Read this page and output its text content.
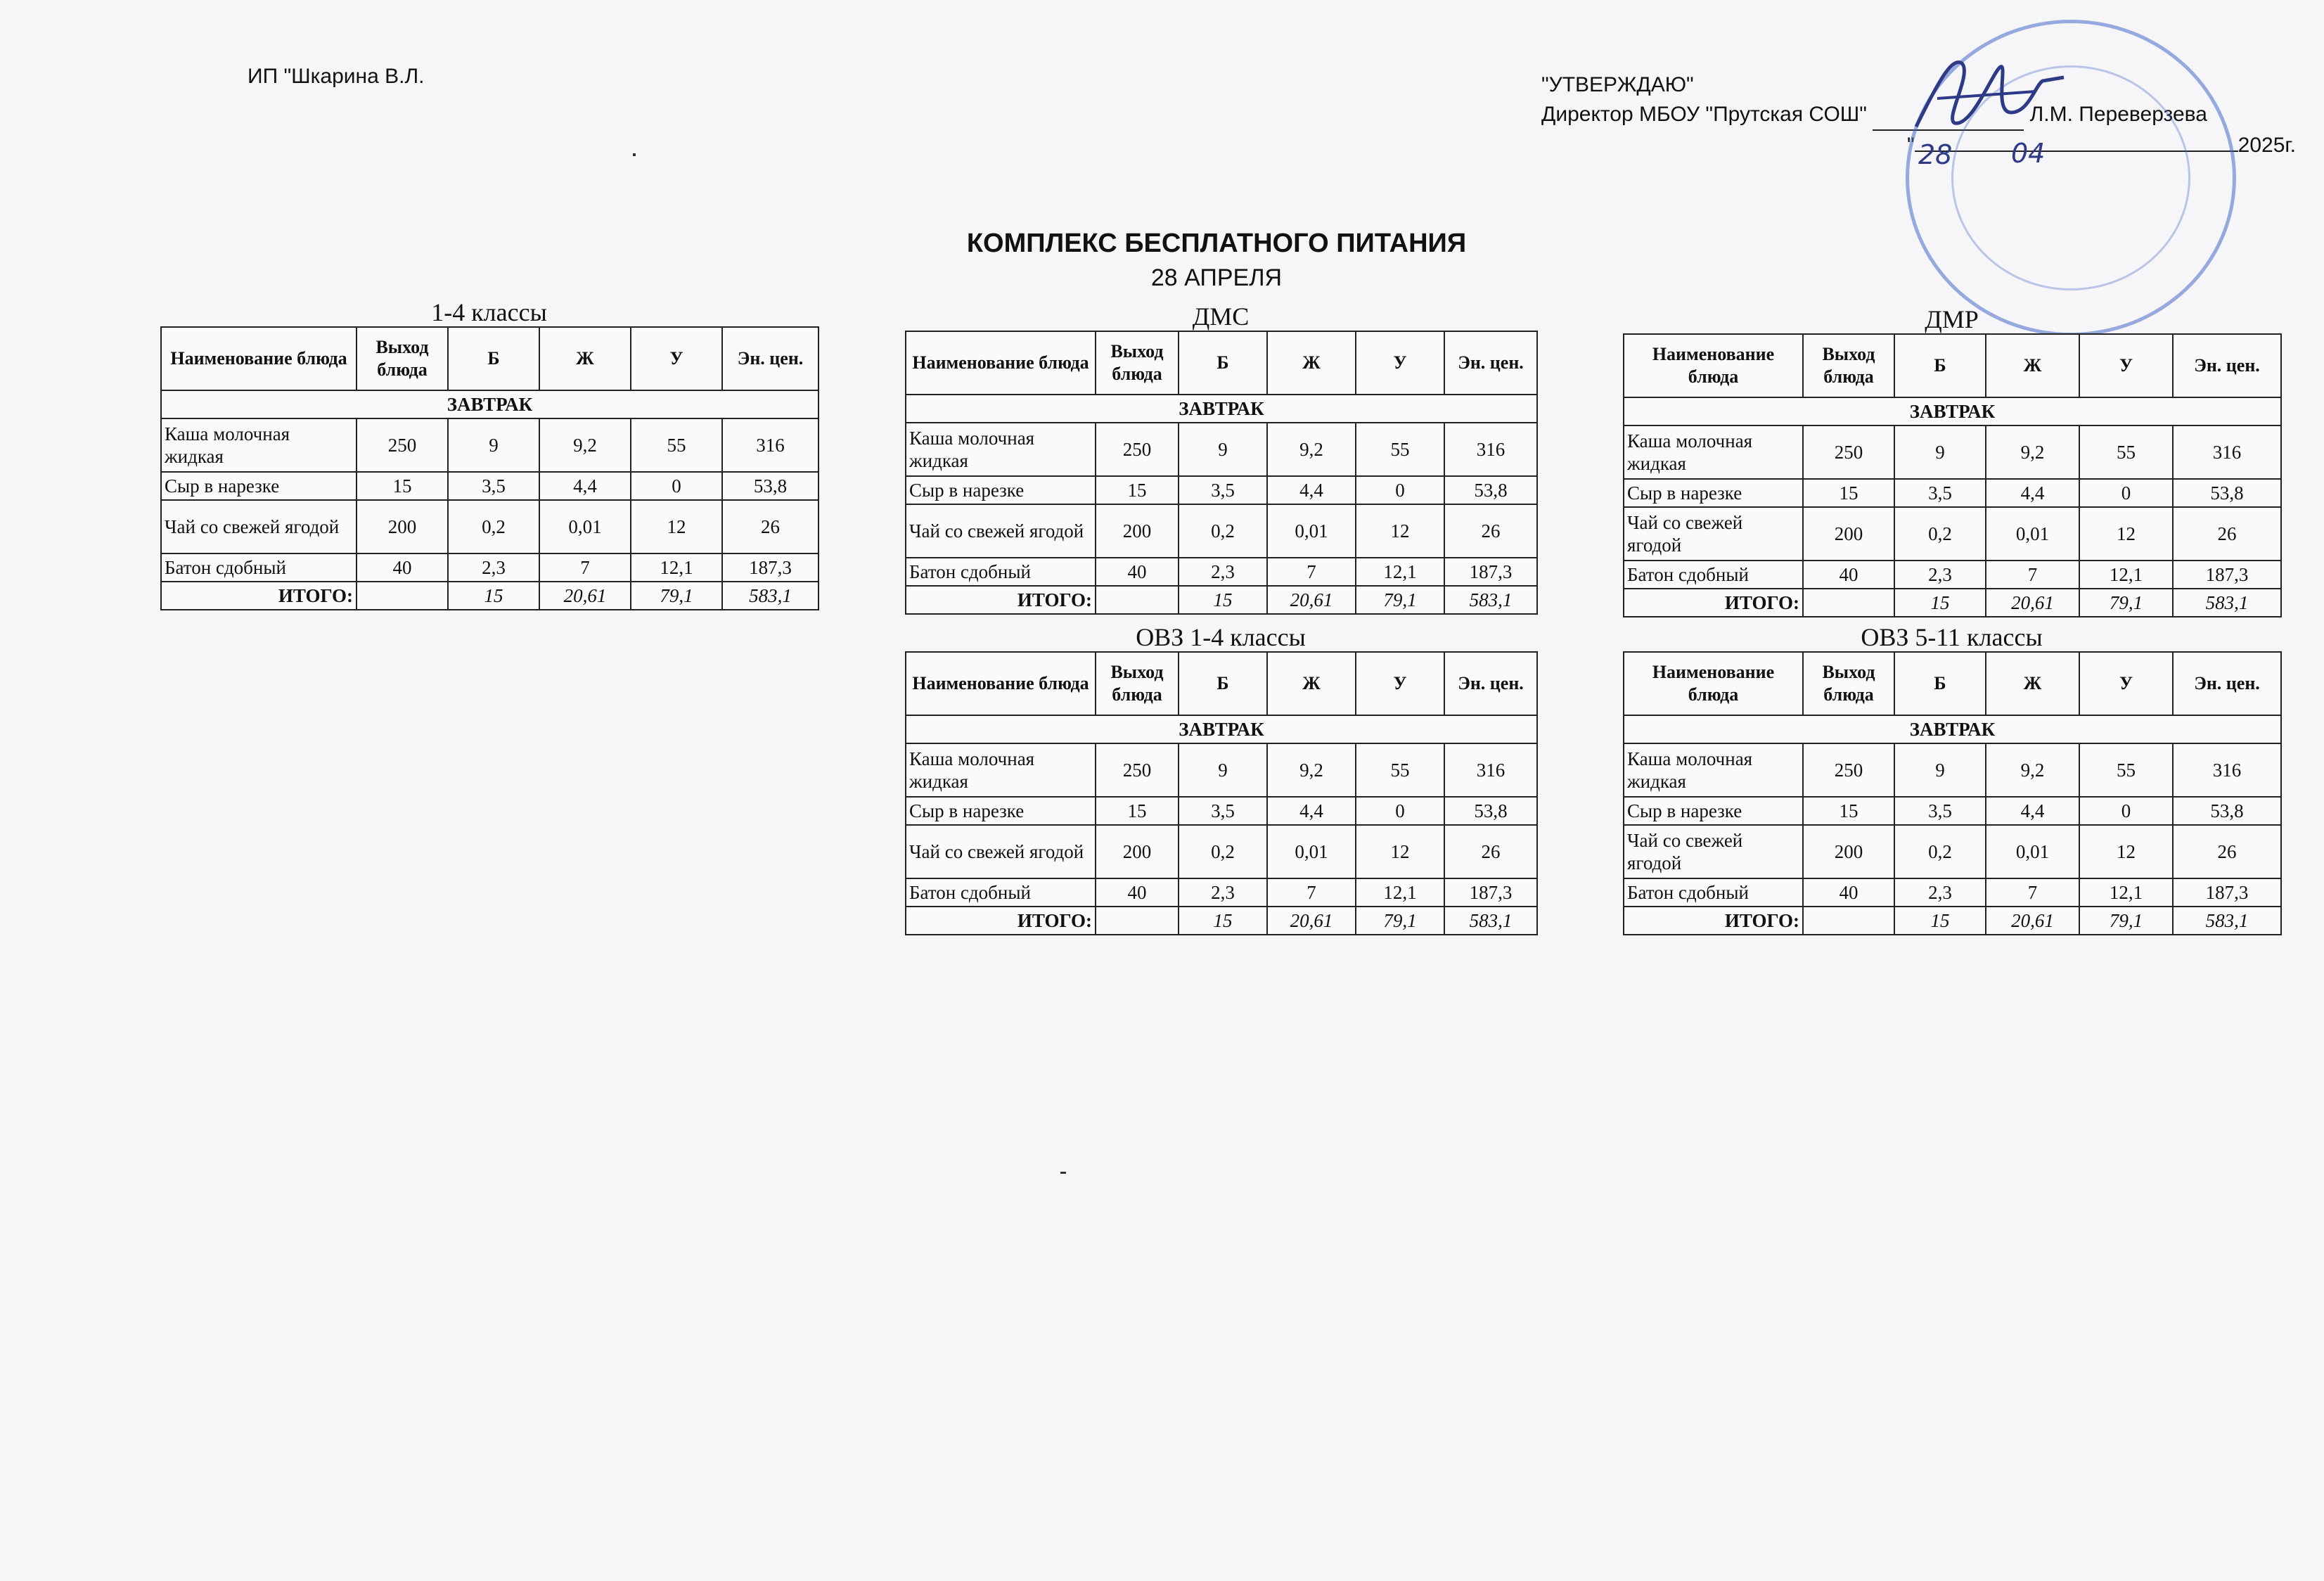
ИП "Шкарина В.Л.	"УТВЕРЖДАЮ"
Директор МБОУ "Прутская СОШ"	Л.М. Переверзева
"	2025г.
28 04
КОМПЛЕКС БЕСПЛАТНОГО ПИТАНИЯ
28 АПРЕЛЯ
1-4 классы
Наименование блюда	Выход блюда	Б	Ж	У	Эн. цен.
ЗАВТРАК					
Каша молочная жидкая	250	9	9,2	55	316
Сыр в нарезке	15	3,5	4,4	0	53,8
Чай со свежей ягодой	200	0,2	0,01	12	26
Батон сдобный	40	2,3	7	12,1	187,3
ИТОГО:		15	20,61	79,1	583,1
ДМС
Наименование блюда	Выход блюда	Б	Ж	У	Эн. цен.
ЗАВТРАК					
Каша молочная жидкая	250	9	9,2	55	316
Сыр в нарезке	15	3,5	4,4	0	53,8
Чай со свежей ягодой	200	0,2	0,01	12	26
Батон сдобный	40	2,3	7	12,1	187,3
ИТОГО:		15	20,61	79,1	583,1
ДМР
Наименование блюда	Выход блюда	Б	Ж	У	Эн. цен.
ЗАВТРАК					
Каша молочная жидкая	250	9	9,2	55	316
Сыр в нарезке	15	3,5	4,4	0	53,8
Чай со свежей ягодой	200	0,2	0,01	12	26
Батон сдобный	40	2,3	7	12,1	187,3
ИТОГО:		15	20,61	79,1	583,1
ОВЗ 1-4 классы
Наименование блюда	Выход блюда	Б	Ж	У	Эн. цен.
ЗАВТРАК					
Каша молочная жидкая	250	9	9,2	55	316
Сыр в нарезке	15	3,5	4,4	0	53,8
Чай со свежей ягодой	200	0,2	0,01	12	26
Батон сдобный	40	2,3	7	12,1	187,3
ИТОГО:		15	20,61	79,1	583,1
ОВЗ 5-11 классы
Наименование блюда	Выход блюда	Б	Ж	У	Эн. цен.
ЗАВТРАК					
Каша молочная жидкая	250	9	9,2	55	316
Сыр в нарезке	15	3,5	4,4	0	53,8
Чай со свежей ягодой	200	0,2	0,01	12	26
Батон сдобный	40	2,3	7	12,1	187,3
ИТОГО:		15	20,61	79,1	583,1
